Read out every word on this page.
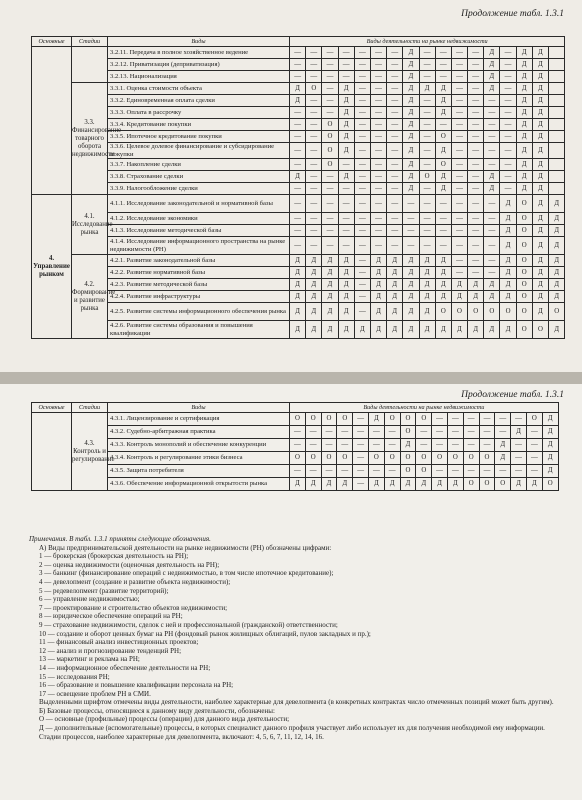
Продолжение табл. 1.3.1
Основные	Стадии	Виды	Виды деятельности на рынке недвижимости																
		3.2.11. Передача в полное хозяйственное ведение	—	—	—	—	—	—	—	Д	—	—	—	—	Д	—	Д	Д	
		3.2.12. Приватизация (деприватизация)	—	—	—	—	—	—	—	Д	—	—	—	—	Д	—	Д	Д	
		3.2.13. Национализация	—	—	—	—	—	—	—	Д	—	—	—	—	Д	—	Д	Д	
	3.3. Финансирование товарного оборота недвижимости	3.3.1. Оценка стоимости объекта	Д	О	—	Д	—	—	—	Д	Д	Д	—	—	Д	—	Д	Д	
		3.3.2. Единовременная оплата сделки	Д	—	—	Д	—	—	—	Д	—	Д	—	—	—	—	Д	Д	
		3.3.3. Оплата в рассрочку	—	—	—	Д	—	—	—	Д	—	Д	—	—	—	—	Д	Д	
		3.3.4. Кредитование покупки	—	—	О	Д	—	—	—	Д	—	—	—	—	—	—	Д	Д	
		3.3.5. Ипотечное кредитование покупки	—	—	О	Д	—	—	—	Д	—	О	—	—	—	—	Д	Д	
		3.3.6. Целевое долевое финансирование и субсидирование покупки	—	—	О	Д	—	—	—	Д	—	Д	—	—	—	—	Д	Д	
		3.3.7. Накопление сделки	—	—	О	—	—	—	—	Д	—	О	—	—	—	—	Д	Д	
		3.3.8. Страхование сделки	Д	—	—	Д	—	—	—	Д	О	Д	—	—	Д	—	Д	Д	
		3.3.9. Налогообложение сделки	—	—	—	—	—	—	—	Д	—	Д	—	—	Д	—	Д	Д	
4. Управление рынком	4.1. Исследование рынка	4.1.1. Исследование законодательной и нормативной базы	—	—	—	—	—	—	—	—	—	—	—	—	—	Д	О	Д	Д
		4.1.2. Исследование экономики	—	—	—	—	—	—	—	—	—	—	—	—	—	Д	О	Д	Д
		4.1.3. Исследование методической базы	—	—	—	—	—	—	—	—	—	—	—	—	—	Д	О	Д	Д
		4.1.4. Исследование информационного пространства на рынке недвижимости (РН)	—	—	—	—	—	—	—	—	—	—	—	—	—	Д	О	Д	Д
	4.2. Формирование и развитие рынка	4.2.1. Развитие законодательной базы	Д	Д	Д	Д	—	Д	Д	Д	Д	Д	—	—	—	Д	О	Д	Д
		4.2.2. Развитие нормативной базы	Д	Д	Д	Д	—	Д	Д	Д	Д	Д	—	—	—	Д	О	Д	Д
		4.2.3. Развитие методической базы	Д	Д	Д	Д	—	Д	Д	Д	Д	Д	Д	Д	Д	Д	О	Д	Д
		4.2.4. Развитие инфраструктуры	Д	Д	Д	Д	—	Д	Д	Д	Д	Д	Д	Д	Д	Д	О	Д	Д
		4.2.5. Развитие системы информационного обеспечения рынка	Д	Д	Д	Д	—	Д	Д	Д	Д	О	О	О	О	О	О	Д	О
		4.2.6. Развитие системы образования и повышения квалификации	Д	Д	Д	Д	Д	Д	Д	Д	Д	Д	Д	Д	Д	Д	О	О	Д
Продолжение табл. 1.3.1
Основные	Стадии	Виды	Виды деятельности на рынке недвижимости																
	4.3. Контроль и регулирование	4.3.1. Лицензирование и сертификация	О	О	О	О	—	Д	О	О	О	—	—	—	—	—	—	О	Д
		4.3.2. Судебно-арбитражная практика	—	—	—	—	—	—	—	О	—	—	—	—	—	—	Д	—	Д
		4.3.3. Контроль монополий и обеспечение конкуренции	—	—	—	—	—	—	—	Д	—	—	—	—	—	Д	—	—	Д
		4.3.4. Контроль и регулирование этики бизнеса	О	О	О	О	—	О	О	О	О	О	О	О	О	Д	—	—	Д
		4.3.5. Защита потребителя	—	—	—	—	—	—	—	О	О	—	—	—	—	—	—	—	Д
		4.3.6. Обеспечение информационной открытости рынка	Д	Д	Д	Д	—	Д	Д	Д	Д	Д	Д	О	О	О	Д	Д	О

Примечания. В табл. 1.3.1 приняты следующие обозначения.

А) Виды предпринимательской деятельности на рынке недвижимости (РН) обозначены цифрами:

1 — брокерская (брокерская деятельность на РН);

2 — оценка недвижимости (оценочная деятельность на РН);

3 — банкинг (финансирование операций с недвижимостью, в том числе ипотечное кредитование);

4 — девелопмент (создание и развитие объекта недвижимости);

5 — редевелопмент (развитие территорий);

6 — управление недвижимостью;

7 — проектирование и строительство объектов недвижимости;

8 — юридическое обеспечение операций на РН;

9 — страхование недвижимости, сделок с ней и профессиональной (гражданской) ответственности;

10 — создание и оборот ценных бумаг на РН (фондовый рынок жилищных облигаций, пулов закладных и пр.);

11 — финансовый анализ инвестиционных проектов;

12 — анализ и прогнозирование тенденций РН;

13 — маркетинг и реклама на РН;

14 — информационное обеспечение деятельности на РН;

15 — исследования РН;

16 — образование и повышение квалификации персонала на РН;

17 — освещение проблем РН в СМИ.

Выделенными шрифтом отмечены виды деятельности, наиболее характерные для девелопмента (в конкретных контрактах число отмеченных позиций может быть другим).

Б) Базовые процессы, относящиеся к данному виду деятельности, обозначены:

О — основные (профильные) процессы (операции) для данного вида деятельности;

Д — дополнительные (вспомогательные) процессы, в которых специалист данного профиля участвует либо использует их для получения необходимой ему информации.

Стадии процессов, наиболее характерные для девелопмента, включают: 4, 5, 6, 7, 11, 12, 14, 16.
